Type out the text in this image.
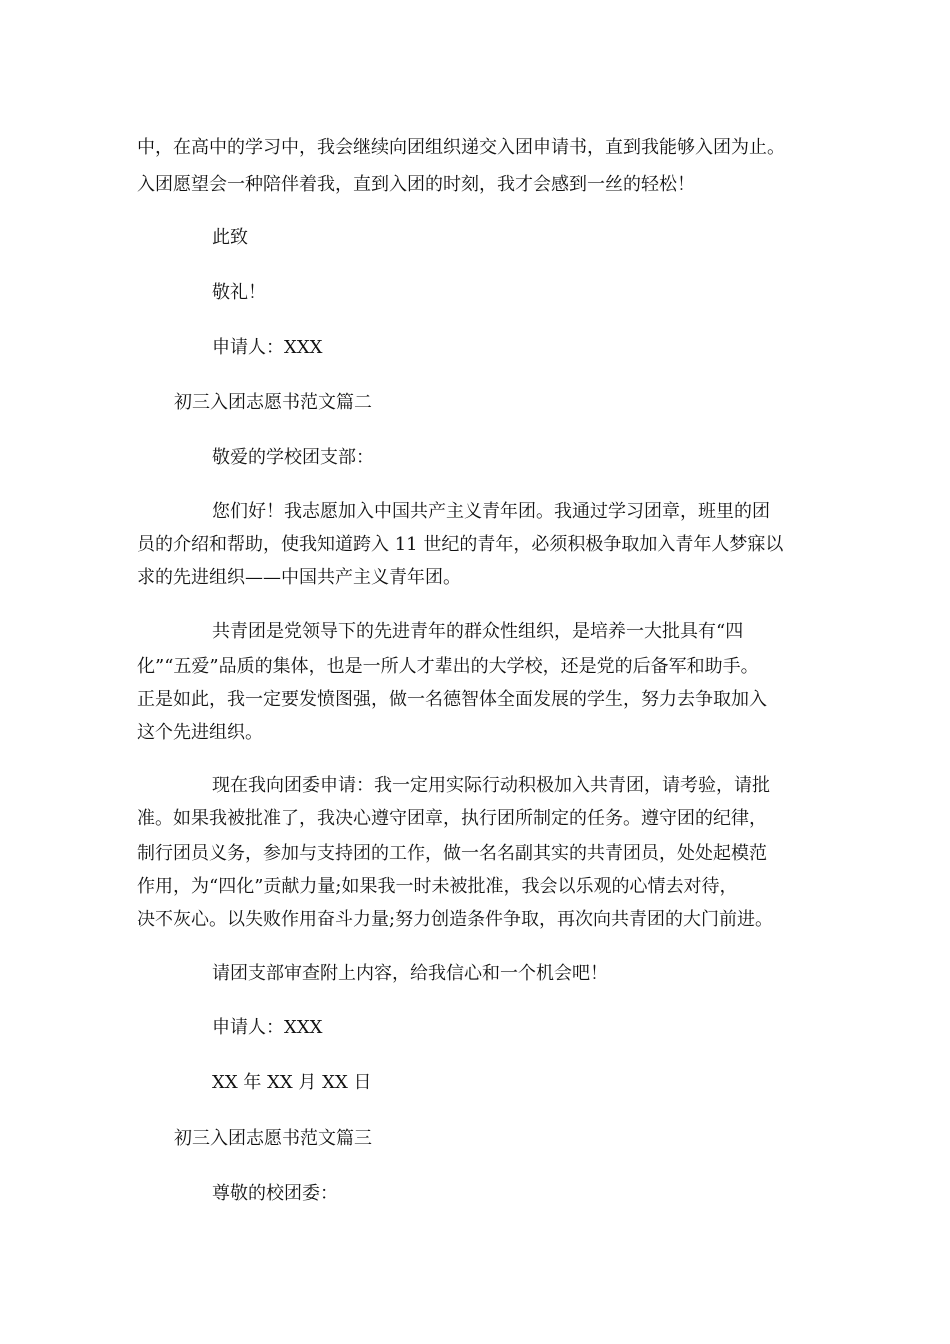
中，在高中的学习中，我会继续向团组织递交入团申请书，直到我能够入团为止。
入团愿望会一种陪伴着我，直到入团的时刻，我才会感到一丝的轻松！
此致
敬礼！
申请人：XXX
初三入团志愿书范文篇二
敬爱的学校团支部：
您们好！我志愿加入中国共产主义青年团。我通过学习团章，班里的团
员的介绍和帮助，使我知道跨入 11 世纪的青年，必须积极争取加入青年人梦寐以
求的先进组织——中国共产主义青年团。
共青团是党领导下的先进青年的群众性组织，是培养一大批具有“四
化”“五爱”品质的集体，也是一所人才辈出的大学校，还是党的后备军和助手。
正是如此，我一定要发愤图强，做一名德智体全面发展的学生，努力去争取加入
这个先进组织。
现在我向团委申请：我一定用实际行动积极加入共青团，请考验，请批
准。如果我被批准了，我决心遵守团章，执行团所制定的任务。遵守团的纪律，
制行团员义务，参加与支持团的工作，做一名名副其实的共青团员，处处起模范
作用，为“四化”贡献力量;如果我一时未被批准，我会以乐观的心情去对待，
决不灰心。以失败作用奋斗力量;努力创造条件争取，再次向共青团的大门前进。
请团支部审查附上内容，给我信心和一个机会吧！
申请人：XXX
XX 年 XX 月 XX 日
初三入团志愿书范文篇三
尊敬的校团委：
